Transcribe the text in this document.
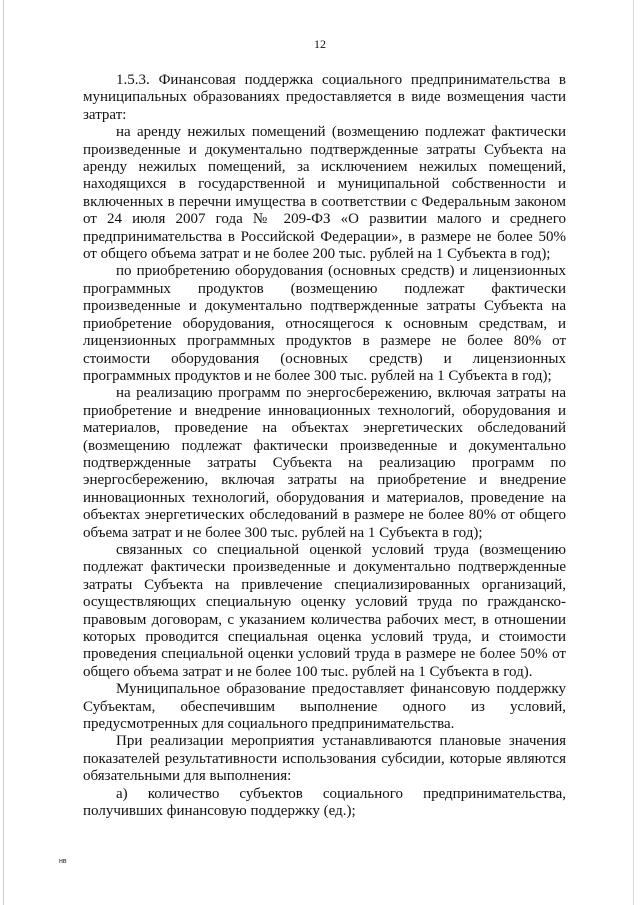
12

1.5.3. Финансовая поддержка социального предпринимательства в муниципальных образованиях предоставляется в виде возмещения части затрат:

на аренду нежилых помещений (возмещению подлежат фактически произведенные и документально подтвержденные затраты Субъекта на аренду нежилых помещений, за исключением нежилых помещений, находящихся в государственной и муниципальной собственности и включенных в перечни имущества в соответствии с Федеральным законом от 24 июля 2007 года № 209-ФЗ «О развитии малого и среднего предпринимательства в Российской Федерации», в размере не более 50% от общего объема затрат и не более 200 тыс. рублей на 1 Субъекта в год);

по приобретению оборудования (основных средств) и лицензионных программных продуктов (возмещению подлежат фактически произведенные и документально подтвержденные затраты Субъекта на приобретение оборудования, относящегося к основным средствам, и лицензионных программных продуктов в размере не более 80% от стоимости оборудования (основных средств) и лицензионных программных продуктов и не более 300 тыс. рублей на 1 Субъекта в год);

на реализацию программ по энергосбережению, включая затраты на приобретение и внедрение инновационных технологий, оборудования и материалов, проведение на объектах энергетических обследований (возмещению подлежат фактически произведенные и документально подтвержденные затраты Субъекта на реализацию программ по энергосбережению, включая затраты на приобретение и внедрение инновационных технологий, оборудования и материалов, проведение на объектах энергетических обследований в размере не более 80% от общего объема затрат и не более 300 тыс. рублей на 1 Субъекта в год);

связанных со специальной оценкой условий труда (возмещению подлежат фактически произведенные и документально подтвержденные затраты Субъекта на привлечение специализированных организаций, осуществляющих специальную оценку условий труда по гражданско-правовым договорам, с указанием количества рабочих мест, в отношении которых проводится специальная оценка условий труда, и стоимости проведения специальной оценки условий труда в размере не более 50% от общего объема затрат и не более 100 тыс. рублей на 1 Субъекта в год).

Муниципальное образование предоставляет финансовую поддержку Субъектам, обеспечившим выполнение одного из условий, предусмотренных для социального предпринимательства.

При реализации мероприятия устанавливаются плановые значения показателей результативности использования субсидии, которые являются обязательными для выполнения:

а) количество субъектов социального предпринимательства, получивших финансовую поддержку (ед.);

нв
